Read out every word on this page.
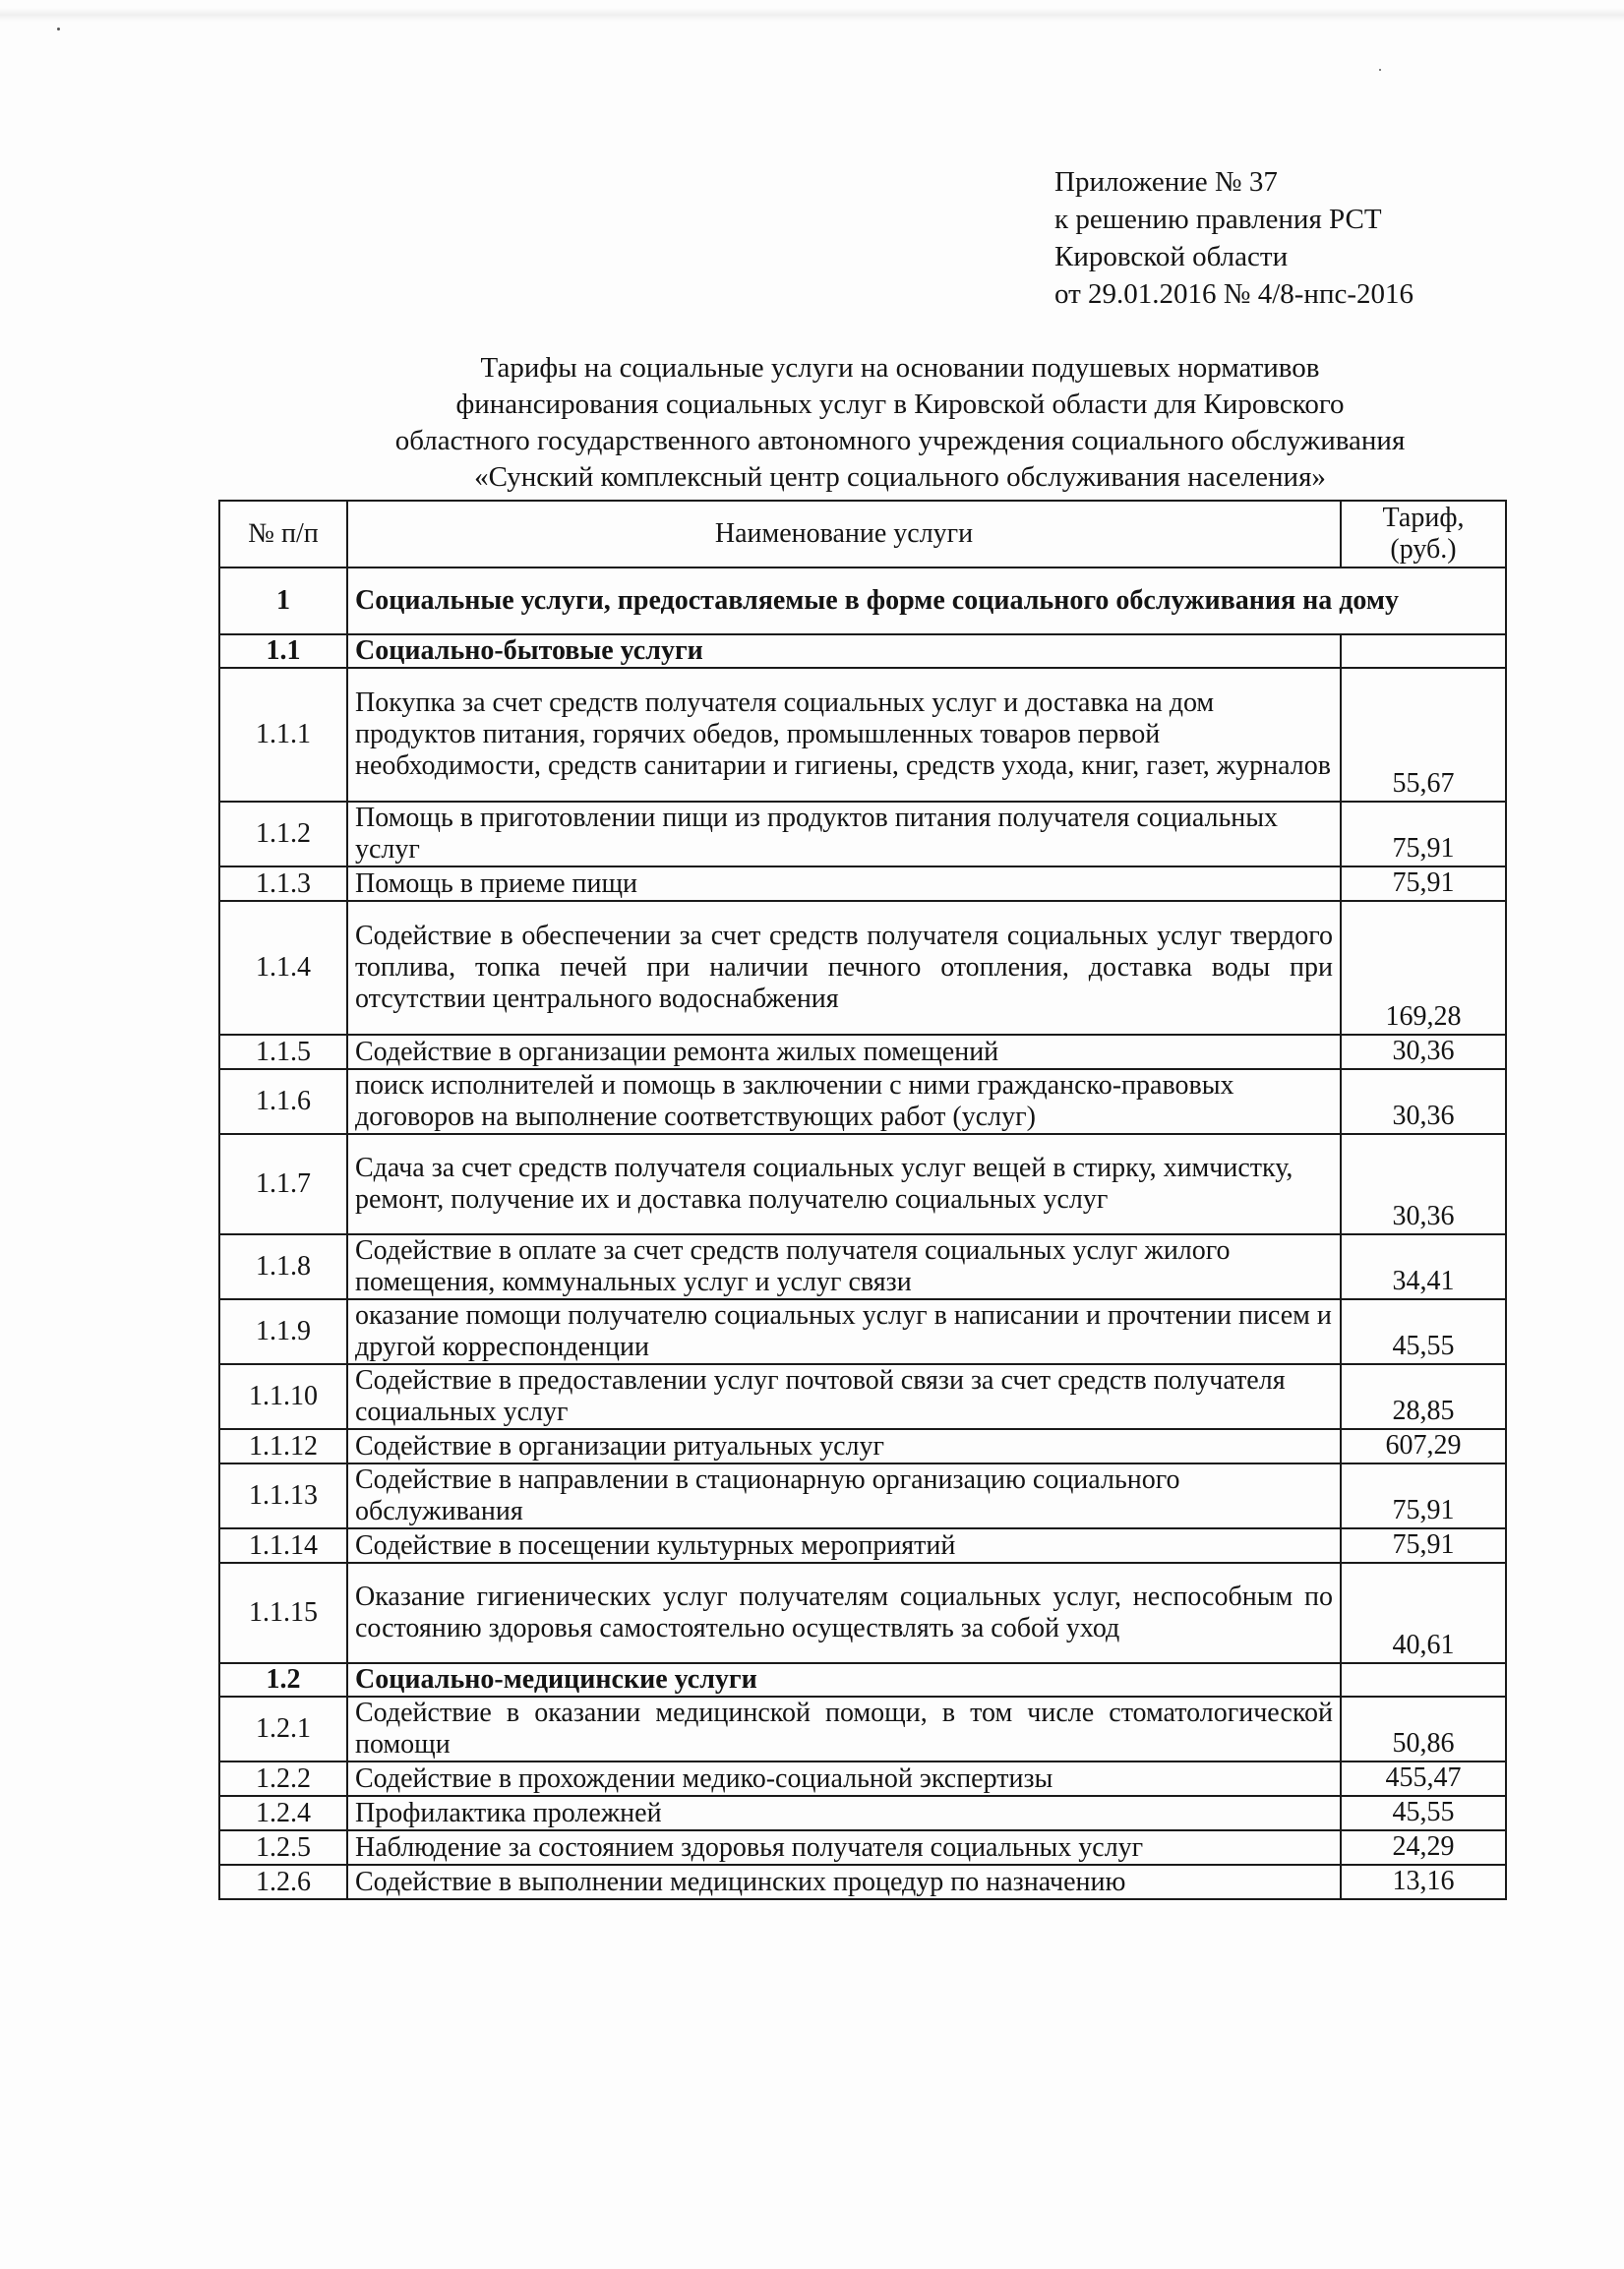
Приложение № 37
к решению правления РСТ
Кировской области
от 29.01.2016 № 4/8-нпс-2016
Тарифы на социальные услуги на основании подушевых нормативов
финансирования социальных услуг в Кировской области для Кировского
областного государственного автономного учреждения социального обслуживания
«Сунский комплексный центр социального обслуживания населения»
№ п/п	Наименование услуги	Тариф, (руб.)
1	Социальные услуги, предоставляемые в форме социального обслуживания на дому	
1.1	Социально-бытовые услуги	
1.1.1	Покупка за счет средств получателя социальных услуг и доставка на дом продуктов питания, горячих обедов, промышленных товаров первой необходимости, средств санитарии и гигиены, средств ухода, книг, газет, журналов	55,67
1.1.2	Помощь в приготовлении пищи из продуктов питания получателя социальных услуг	75,91
1.1.3	Помощь в приеме пищи	75,91
1.1.4	Содействие в обеспечении за счет средств получателя социальных услуг твердого топлива, топка печей при наличии печного отопления, доставка воды при отсутствии центрального водоснабжения	169,28
1.1.5	Содействие в организации ремонта жилых помещений	30,36
1.1.6	поиск исполнителей и помощь в заключении с ними гражданско-правовых договоров на выполнение соответствующих работ (услуг)	30,36
1.1.7	Сдача за счет средств получателя социальных услуг вещей в стирку, химчистку, ремонт, получение их и доставка получателю социальных услуг	30,36
1.1.8	Содействие в оплате за счет средств получателя социальных услуг жилого помещения, коммунальных услуг и услуг связи	34,41
1.1.9	оказание помощи получателю социальных услуг в написании и прочтении писем и другой корреспонденции	45,55
1.1.10	Содействие в предоставлении услуг почтовой связи за счет средств получателя социальных услуг	28,85
1.1.12	Содействие в организации ритуальных услуг	607,29
1.1.13	Содействие в направлении в стационарную организацию социального обслуживания	75,91
1.1.14	Содействие в посещении культурных мероприятий	75,91
1.1.15	Оказание гигиенических услуг получателям социальных услуг, неспособным по состоянию здоровья самостоятельно осуществлять за собой уход	40,61
1.2	Социально-медицинские услуги	
1.2.1	Содействие в оказании медицинской помощи, в том числе стоматологической помощи	50,86
1.2.2	Содействие в прохождении медико-социальной экспертизы	455,47
1.2.4	Профилактика пролежней	45,55
1.2.5	Наблюдение за состоянием здоровья получателя социальных услуг	24,29
1.2.6	Содействие в выполнении медицинских процедур по назначению	13,16
